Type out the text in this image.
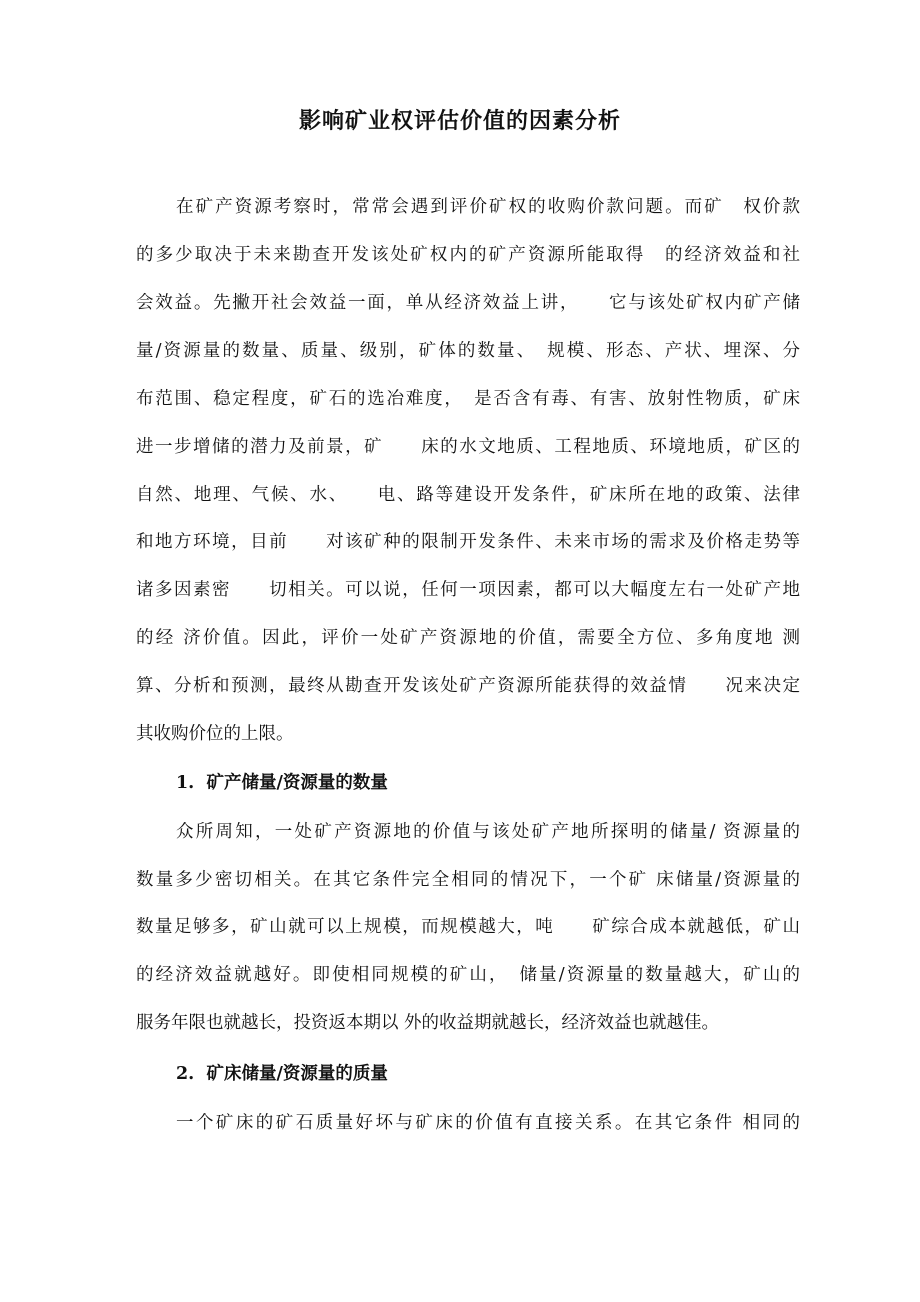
影响矿业权评估价值的因素分析
在矿产资源考察时，常常会遇到评价矿权的收购价款问题。而矿　权价款
的多少取决于未来勘查开发该处矿权内的矿产资源所能取得　的经济效益和社
会效益。先撇开社会效益一面，单从经济效益上讲，　　它与该处矿权内矿产储
量/资源量的数量、质量、级别，矿体的数量、　规模、形态、产状、埋深、分
布范围、稳定程度，矿石的选冶难度，　是否含有毒、有害、放射性物质，矿床
进一步增储的潜力及前景，矿　　床的水文地质、工程地质、环境地质，矿区的
自然、地理、气候、水、　　电、路等建设开发条件，矿床所在地的政策、法律
和地方环境，目前　　对该矿种的限制开发条件、未来市场的需求及价格走势等
诸多因素密　　切相关。可以说，任何一项因素，都可以大幅度左右一处矿产地
的经 济价值。因此，评价一处矿产资源地的价值，需要全方位、多角度地 测
算、分析和预测，最终从勘查开发该处矿产资源所能获得的效益情　　况来决定
其收购价位的上限。
1.  矿产储量/资源量的数量
众所周知，一处矿产资源地的价值与该处矿产地所探明的储量/ 资源量的
数量多少密切相关。在其它条件完全相同的情况下，一个矿 床储量/资源量的
数量足够多，矿山就可以上规模，而规模越大，吨　　矿综合成本就越低，矿山
的经济效益就越好。即使相同规模的矿山，　储量/资源量的数量越大，矿山的
服务年限也就越长，投资返本期以 外的收益期就越长，经济效益也就越佳。
2.  矿床储量/资源量的质量
一个矿床的矿石质量好坏与矿床的价值有直接关系。在其它条件 相同的
